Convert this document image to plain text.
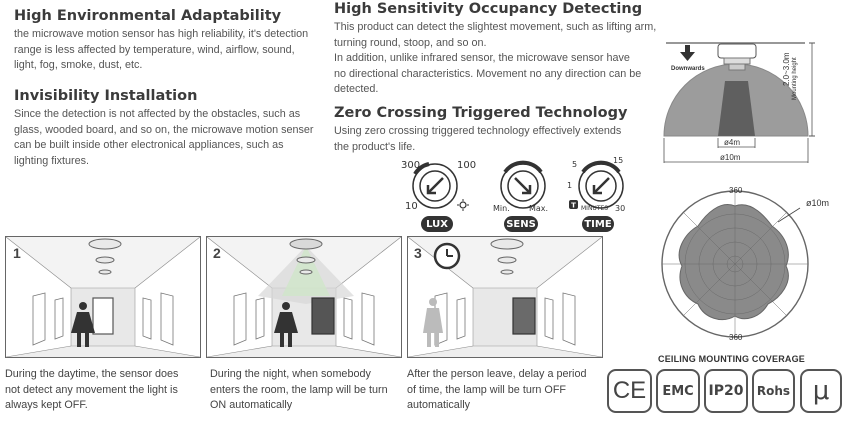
High Environmental Adaptability
the microwave motion sensor has high reliability, it's detection
range is less affected by temperature, wind, airflow, sound,
light, fog, smoke, dust, etc.
Invisibility Installation
Since the detection is not affected by the obstacles, such as
glass, wooded board, and so on, the microwave motion senser
can be built inside other electronical appliances, such as
lighting fixtures.
High Sensitivity Occupancy Detecting
This product can detect the slightest movement, such as lifting arm,
turning round, stoop, and so on.
In addition, unlike infrared sensor, the microwave sensor have
no directional characteristics. Movement no any direction can be
detected.
Zero Crossing Triggered Technology
Using zero crossing triggered technology effectively extends
the product's life.
T
300	100
10	Min. Max.
5	15
1
30
MINUTES
LUX	SENS	TIME
Downwards	2.0~3.0m Mounting height
ø4m
ø10m
360
360
ø10m
CEILING MOUNTING COVERAGE
1	2	3
During the daytime, the sensor does
not detect any movement the light is
always kept OFF.
During the night, when somebody
enters the room, the lamp will be turn
ON automatically
After the person leave, delay a period
of time, the lamp will be turn OFF
automatically
CE	EMC	IP20	Rohs μ
